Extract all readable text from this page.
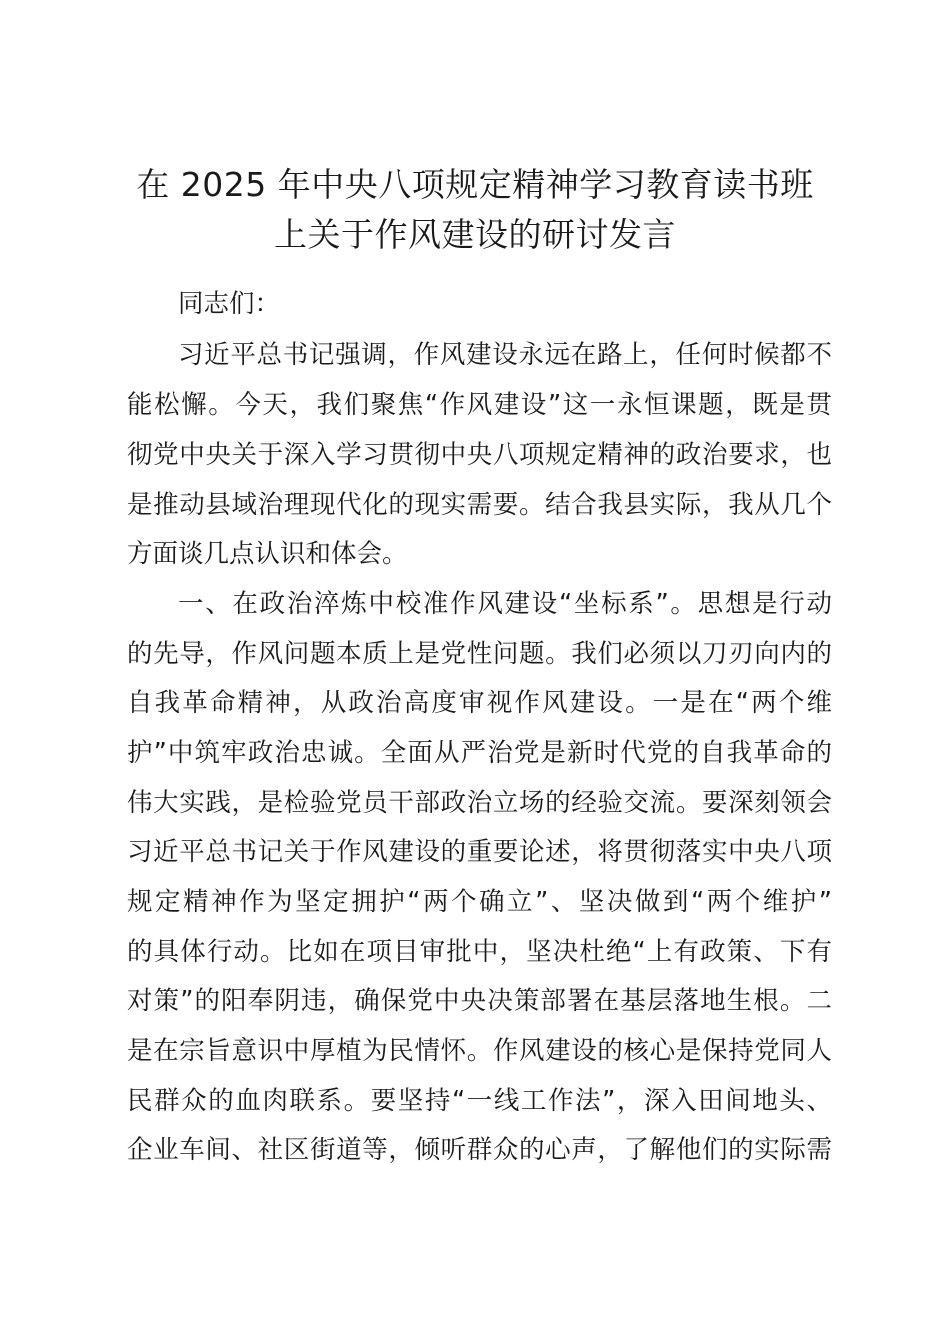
在 2025 年中央八项规定精神学习教育读书班
上关于作风建设的研讨发言

同志们：

习近平总书记强调，作风建设永远在路上，任何时候都不

能松懈。今天，我们聚焦“作风建设”这一永恒课题，既是贯

彻党中央关于深入学习贯彻中央八项规定精神的政治要求，也

是推动县域治理现代化的现实需要。结合我县实际，我从几个

方面谈几点认识和体会。

一、在政治淬炼中校准作风建设“坐标系”。思想是行动

的先导，作风问题本质上是党性问题。我们必须以刀刃向内的

自我革命精神，从政治高度审视作风建设。一是在“两个维

护”中筑牢政治忠诚。全面从严治党是新时代党的自我革命的

伟大实践，是检验党员干部政治立场的经验交流。要深刻领会

习近平总书记关于作风建设的重要论述，将贯彻落实中央八项

规定精神作为坚定拥护“两个确立”、坚决做到“两个维护”

的具体行动。比如在项目审批中，坚决杜绝“上有政策、下有

对策”的阳奉阴违，确保党中央决策部署在基层落地生根。二

是在宗旨意识中厚植为民情怀。作风建设的核心是保持党同人

民群众的血肉联系。要坚持“一线工作法”，深入田间地头、

企业车间、社区街道等，倾听群众的心声，了解他们的实际需
